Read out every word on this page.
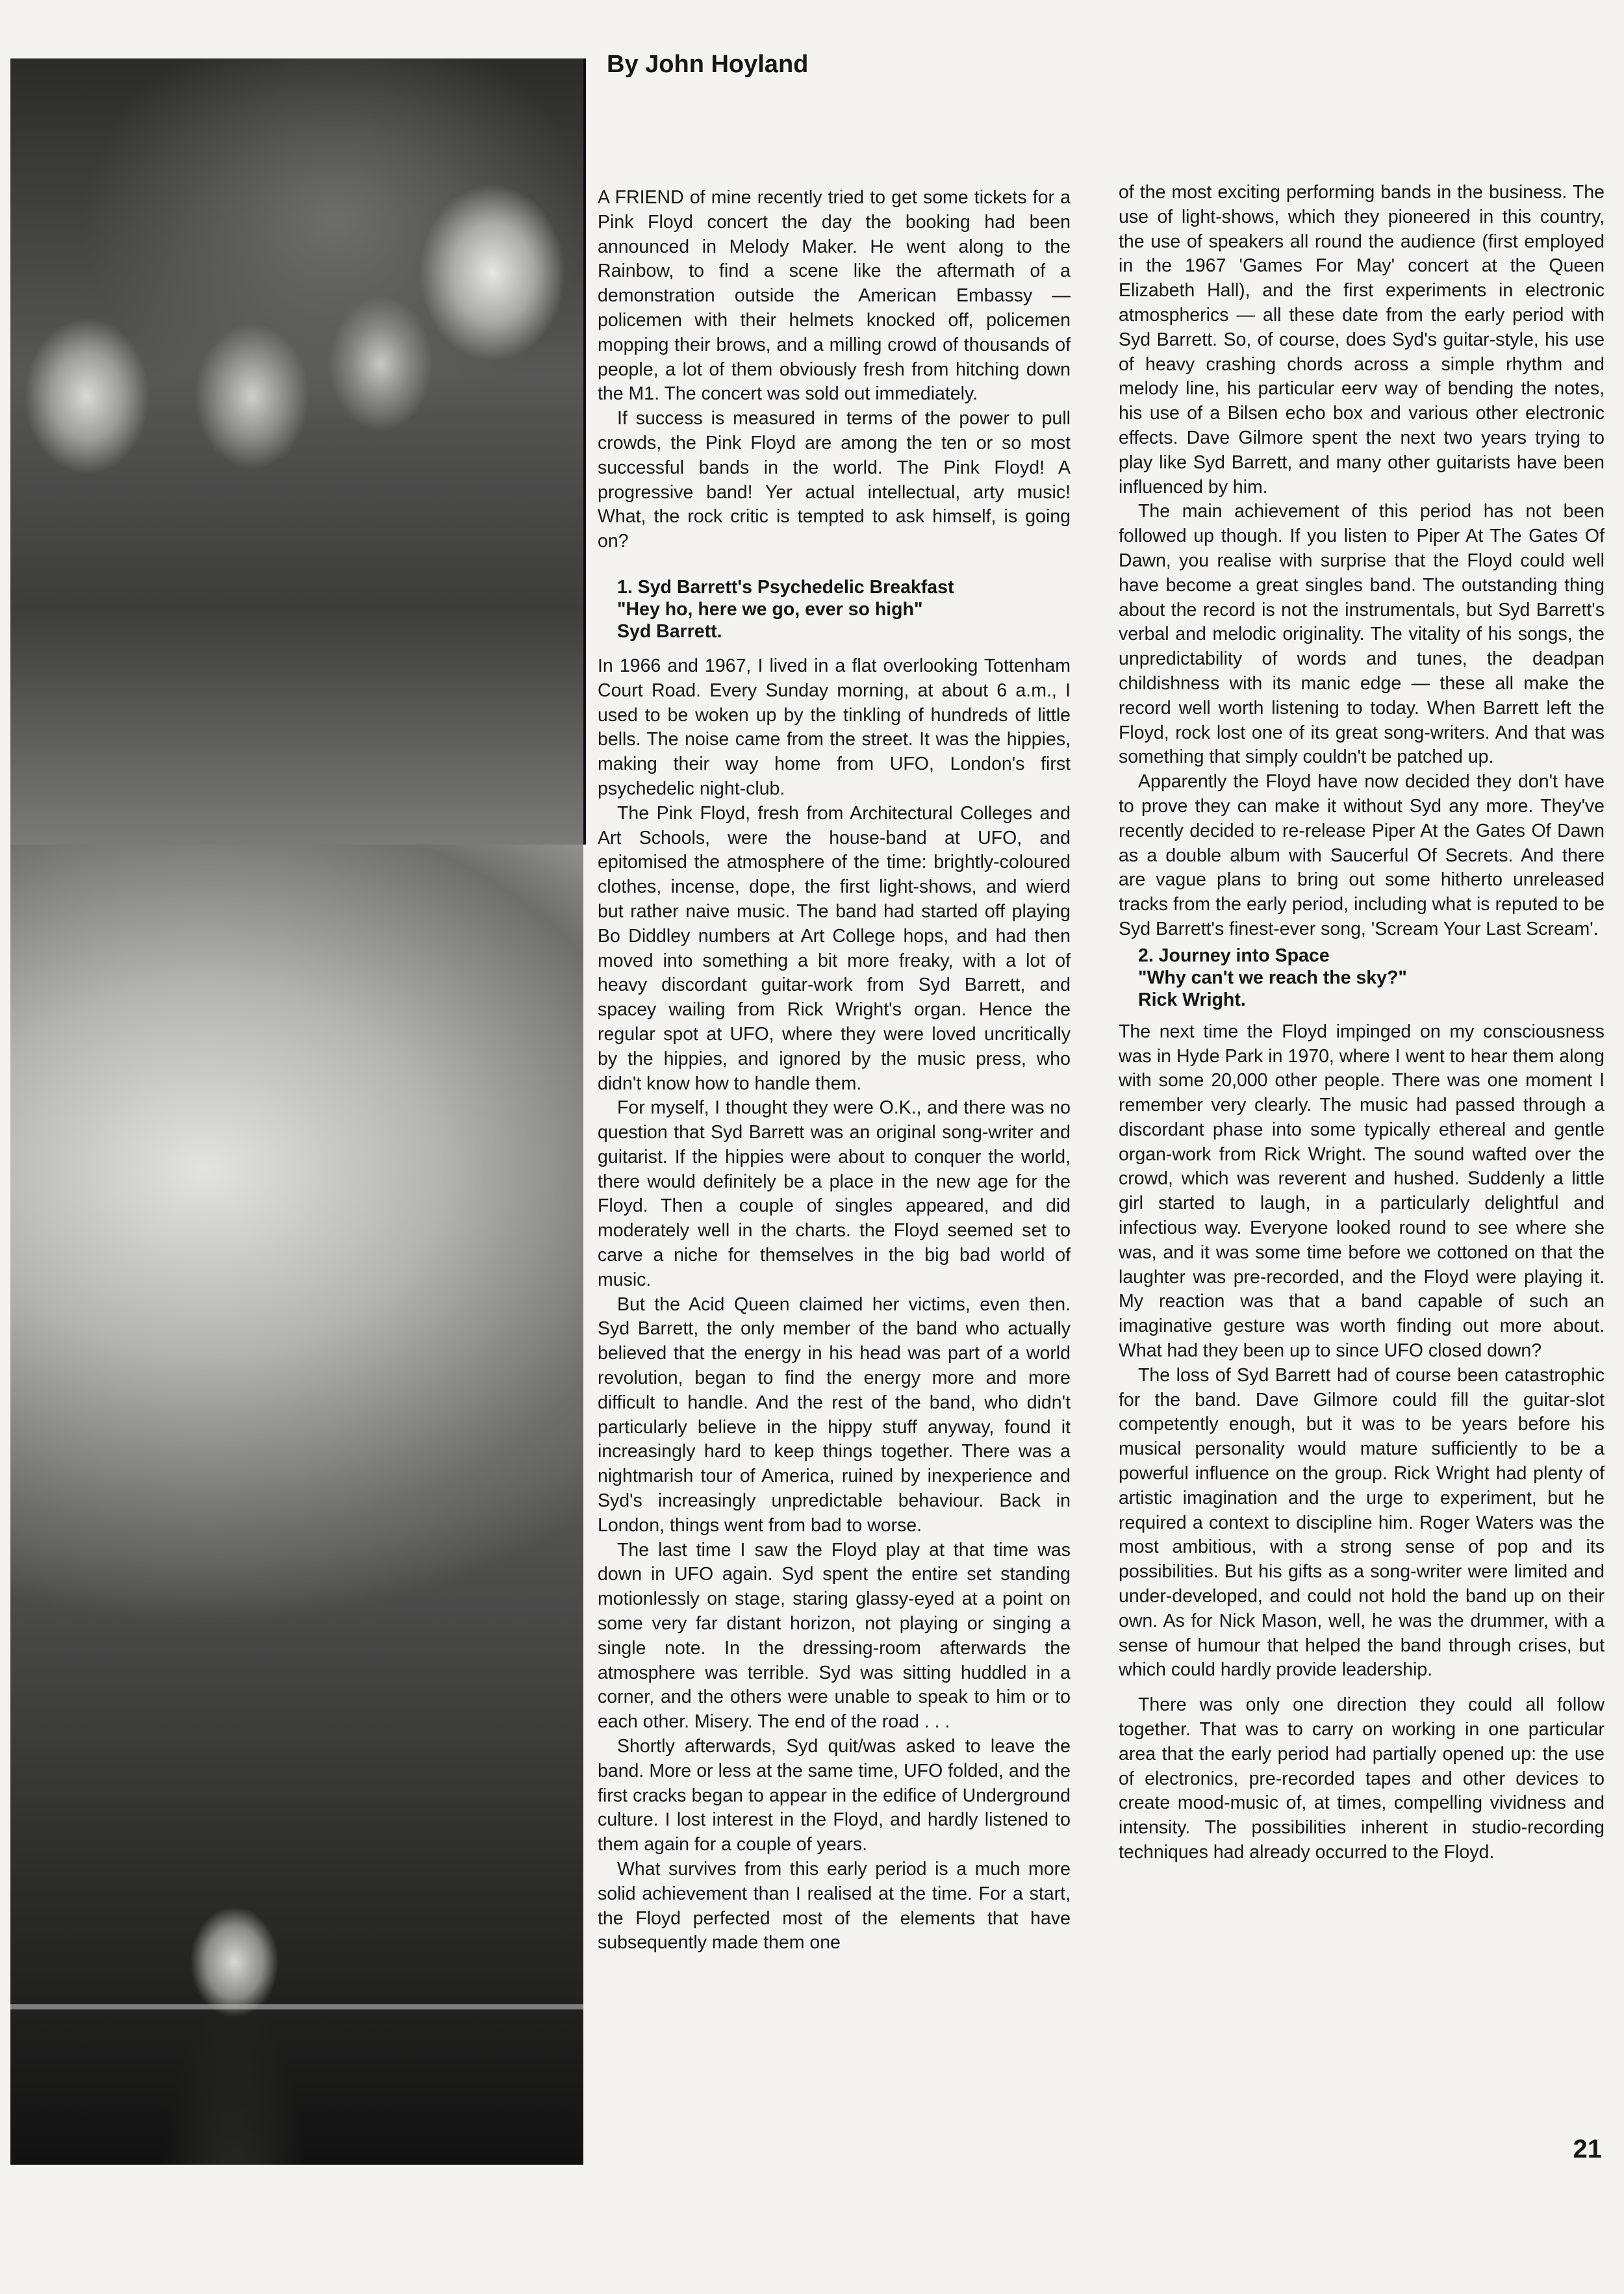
By John Hoyland

A FRIEND of mine recently tried to get some tickets for a Pink Floyd concert the day the booking had been announced in Melody Maker. He went along to the Rainbow, to find a scene like the aftermath of a demonstration outside the American Embassy — policemen with their helmets knocked off, policemen mopping their brows, and a milling crowd of thousands of people, a lot of them obviously fresh from hitching down the M1. The concert was sold out immediately.

If success is measured in terms of the power to pull crowds, the Pink Floyd are among the ten or so most successful bands in the world. The Pink Floyd! A progressive band! Yer actual intellectual, arty music! What, the rock critic is tempted to ask himself, is going on?

1. Syd Barrett's Psychedelic Breakfast

"Hey ho, here we go, ever so high"

Syd Barrett.

In 1966 and 1967, I lived in a flat overlooking Tottenham Court Road. Every Sunday morning, at about 6 a.m., I used to be woken up by the tinkling of hundreds of little bells. The noise came from the street. It was the hippies, making their way home from UFO, London's first psychedelic night-club.

The Pink Floyd, fresh from Architectural Colleges and Art Schools, were the house-band at UFO, and epitomised the atmosphere of the time: brightly-coloured clothes, incense, dope, the first light-shows, and wierd but rather naive music. The band had started off playing Bo Diddley numbers at Art College hops, and had then moved into something a bit more freaky, with a lot of heavy discordant guitar-work from Syd Barrett, and spacey wailing from Rick Wright's organ. Hence the regular spot at UFO, where they were loved uncritically by the hippies, and ignored by the music press, who didn't know how to handle them.

For myself, I thought they were O.K., and there was no question that Syd Barrett was an original song-writer and guitarist. If the hippies were about to conquer the world, there would definitely be a place in the new age for the Floyd. Then a couple of singles appeared, and did moderately well in the charts. the Floyd seemed set to carve a niche for themselves in the big bad world of music.

But the Acid Queen claimed her victims, even then. Syd Barrett, the only member of the band who actually believed that the energy in his head was part of a world revolution, began to find the energy more and more difficult to handle. And the rest of the band, who didn't particularly believe in the hippy stuff anyway, found it increasingly hard to keep things together. There was a nightmarish tour of America, ruined by inexperience and Syd's increasingly unpredictable behaviour. Back in London, things went from bad to worse.

The last time I saw the Floyd play at that time was down in UFO again. Syd spent the entire set standing motionlessly on stage, staring glassy-eyed at a point on some very far distant horizon, not playing or singing a single note. In the dressing-room afterwards the atmosphere was terrible. Syd was sitting huddled in a corner, and the others were unable to speak to him or to each other. Misery. The end of the road . . .

Shortly afterwards, Syd quit/was asked to leave the band. More or less at the same time, UFO folded, and the first cracks began to appear in the edifice of Underground culture. I lost interest in the Floyd, and hardly listened to them again for a couple of years.

What survives from this early period is a much more solid achievement than I realised at the time. For a start, the Floyd perfected most of the elements that have subsequently made them one

of the most exciting performing bands in the business. The use of light-shows, which they pioneered in this country, the use of speakers all round the audience (first employed in the 1967 'Games For May' concert at the Queen Elizabeth Hall), and the first experiments in electronic atmospherics — all these date from the early period with Syd Barrett. So, of course, does Syd's guitar-style, his use of heavy crashing chords across a simple rhythm and melody line, his particular eerv way of bending the notes, his use of a Bilsen echo box and various other electronic effects. Dave Gilmore spent the next two years trying to play like Syd Barrett, and many other guitarists have been influenced by him.

The main achievement of this period has not been followed up though. If you listen to Piper At The Gates Of Dawn, you realise with surprise that the Floyd could well have become a great singles band. The outstanding thing about the record is not the instrumentals, but Syd Barrett's verbal and melodic originality. The vitality of his songs, the unpredictability of words and tunes, the deadpan childishness with its manic edge — these all make the record well worth listening to today. When Barrett left the Floyd, rock lost one of its great song-writers. And that was something that simply couldn't be patched up.

Apparently the Floyd have now decided they don't have to prove they can make it without Syd any more. They've recently decided to re-release Piper At the Gates Of Dawn as a double album with Saucerful Of Secrets. And there are vague plans to bring out some hitherto unreleased tracks from the early period, including what is reputed to be Syd Barrett's finest-ever song, 'Scream Your Last Scream'.

2. Journey into Space

"Why can't we reach the sky?"

Rick Wright.

The next time the Floyd impinged on my consciousness was in Hyde Park in 1970, where I went to hear them along with some 20,000 other people. There was one moment I remember very clearly. The music had passed through a discordant phase into some typically ethereal and gentle organ-work from Rick Wright. The sound wafted over the crowd, which was reverent and hushed. Suddenly a little girl started to laugh, in a particularly delightful and infectious way. Everyone looked round to see where she was, and it was some time before we cottoned on that the laughter was pre-recorded, and the Floyd were playing it. My reaction was that a band capable of such an imaginative gesture was worth finding out more about. What had they been up to since UFO closed down?

The loss of Syd Barrett had of course been catastrophic for the band. Dave Gilmore could fill the guitar-slot competently enough, but it was to be years before his musical personality would mature sufficiently to be a powerful influence on the group. Rick Wright had plenty of artistic imagination and the urge to experiment, but he required a context to discipline him. Roger Waters was the most ambitious, with a strong sense of pop and its possibilities. But his gifts as a song-writer were limited and under-developed, and could not hold the band up on their own. As for Nick Mason, well, he was the drummer, with a sense of humour that helped the band through crises, but which could hardly provide leadership.

There was only one direction they could all follow together. That was to carry on working in one particular area that the early period had partially opened up: the use of electronics, pre-recorded tapes and other devices to create mood-music of, at times, compelling vividness and intensity. The possibilities inherent in studio-recording techniques had already occurred to the Floyd.

21
